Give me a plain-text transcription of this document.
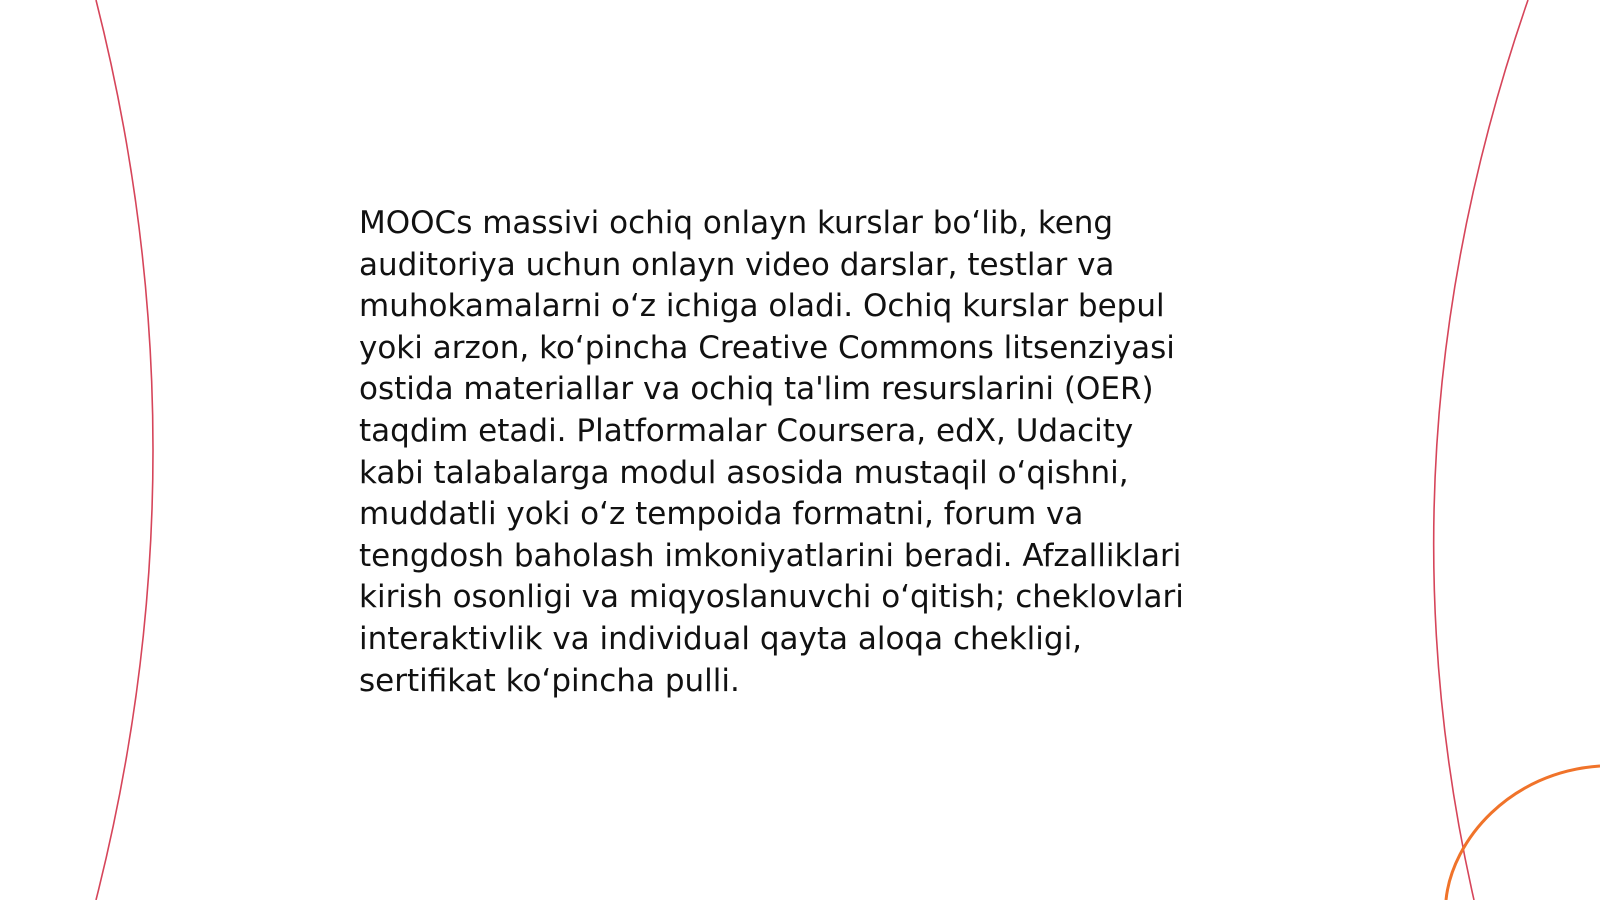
MOOCs massivi ochiq onlayn kurslar bo‘lib, keng
auditoriya uchun onlayn video darslar, testlar va
muhokamalarni o‘z ichiga oladi. Ochiq kurslar bepul
yoki arzon, ko‘pincha Creative Commons litsenziyasi
ostida materiallar va ochiq ta'lim resurslarini (OER)
taqdim etadi. Platformalar Coursera, edX, Udacity
kabi talabalarga modul asosida mustaqil o‘qishni,
muddatli yoki o‘z tempoida formatni, forum va
tengdosh baholash imkoniyatlarini beradi. Afzalliklari
kirish osonligi va miqyoslanuvchi o‘qitish; cheklovlari
interaktivlik va individual qayta aloqa chekligi,
sertifikat ko‘pincha pulli.
